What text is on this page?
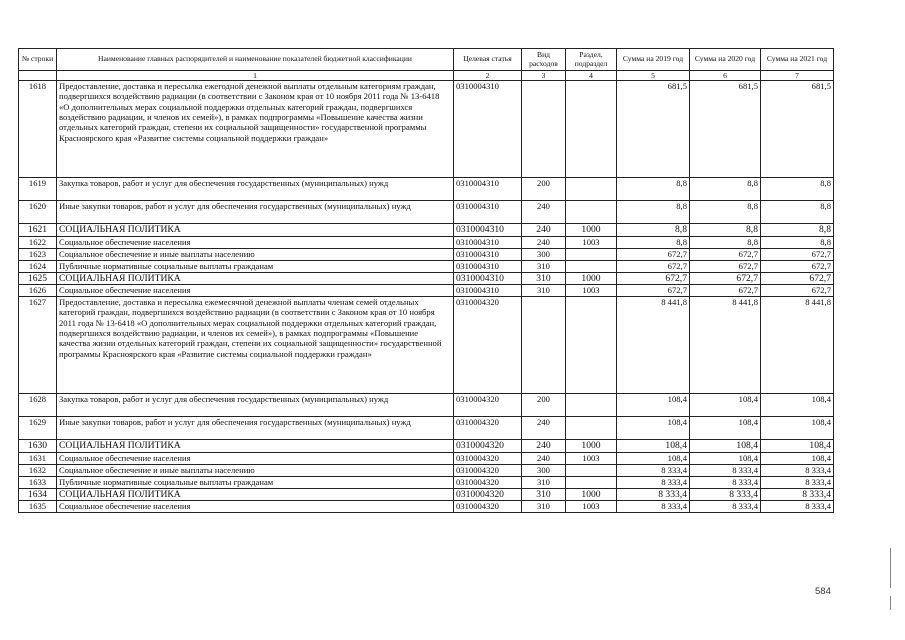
№ строки	Наименование главных распорядителей и наименование показателей бюджетной классификации	Целевая статья	Вид расходов	Раздел, подраздел	Сумма на 2019 год	Сумма на 2020 год	Сумма на 2021 год
	1	2	3	4	5	6	7
1618	Предоставление, доставка и пересылка ежегодной денежной выплаты отдельным категориям граждан, подвергшихся воздействию радиации (в соответствии с Законом края от 10 ноября 2011 года № 13-6418 «О дополнительных мерах социальной поддержки отдельных категорий граждан, подвергшихся воздействию радиации, и членов их семей»), в рамках подпрограммы «Повышение качества жизни отдельных категорий граждан, степени их социальной защищенности» государственной программы Красноярского края «Развитие системы социальной поддержки граждан»	0310004310			681,5	681,5	681,5
1619	Закупка товаров, работ и услуг для обеспечения государственных (муниципальных) нужд	0310004310	200		8,8	8,8	8,8
1620	Иные закупки товаров, работ и услуг для обеспечения государственных (муниципальных) нужд	0310004310	240		8,8	8,8	8,8
1621	СОЦИАЛЬНАЯ ПОЛИТИКА	0310004310	240	1000	8,8	8,8	8,8
1622	Социальное обеспечение населения	0310004310	240	1003	8,8	8,8	8,8
1623	Социальное обеспечение и иные выплаты населению	0310004310	300		672,7	672,7	672,7
1624	Публичные нормативные социальные выплаты гражданам	0310004310	310		672,7	672,7	672,7
1625	СОЦИАЛЬНАЯ ПОЛИТИКА	0310004310	310	1000	672,7	672,7	672,7
1626	Социальное обеспечение населения	0310004310	310	1003	672,7	672,7	672,7
1627	Предоставление, доставка и пересылка ежемесячной денежной выплаты членам семей отдельных категорий граждан, подвергшихся воздействию радиации (в соответствии с Законом края от 10 ноября 2011 года № 13-6418 «О дополнительных мерах социальной поддержки отдельных категорий граждан, подвергшихся воздействию радиации, и членов их семей»), в рамках подпрограммы «Повышение качества жизни отдельных категорий граждан, степени их социальной защищенности» государственной программы Красноярского края «Развитие системы социальной поддержки граждан»	0310004320			8 441,8	8 441,8	8 441,8
1628	Закупка товаров, работ и услуг для обеспечения государственных (муниципальных) нужд	0310004320	200		108,4	108,4	108,4
1629	Иные закупки товаров, работ и услуг для обеспечения государственных (муниципальных) нужд	0310004320	240		108,4	108,4	108,4
1630	СОЦИАЛЬНАЯ ПОЛИТИКА	0310004320	240	1000	108,4	108,4	108,4
1631	Социальное обеспечение населения	0310004320	240	1003	108,4	108,4	108,4
1632	Социальное обеспечение и иные выплаты населению	0310004320	300		8 333,4	8 333,4	8 333,4
1633	Публичные нормативные социальные выплаты гражданам	0310004320	310		8 333,4	8 333,4	8 333,4
1634	СОЦИАЛЬНАЯ ПОЛИТИКА	0310004320	310	1000	8 333,4	8 333,4	8 333,4
1635	Социальное обеспечение населения	0310004320	310	1003	8 333,4	8 333,4	8 333,4
584
